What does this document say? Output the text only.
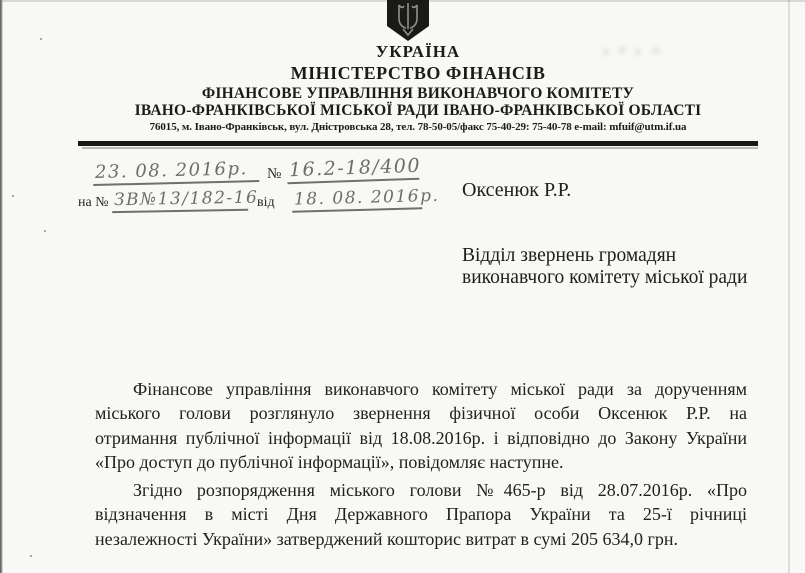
УКРАЇНА
МІНІСТЕРСТВО ФІНАНСІВ
ФІНАНСОВЕ УПРАВЛІННЯ ВИКОНАВЧОГО КОМІТЕТУ
ІВАНО-ФРАНКІВСЬКОЇ МІСЬКОЇ РАДИ ІВАНО-ФРАНКІВСЬКОЇ ОБЛАСТІ
76015, м. Івано-Франківськ, вул. Дністровська 28, тел. 78-50-05/факс 75-40-29: 75-40-78 e-mail: mfuif@utm.if.ua
23. 08. 2016р.	№ 16.2-18/400
на № ЗВ№13/182-16
від 18. 08. 2016р. Оксенюк Р.Р.
Відділ звернень громадян
виконавчого комітету міської ради
Фінансове управління виконавчого комітету міської ради за дорученням
міського голови розглянуло звернення фізичної особи Оксенюк Р.Р. на
отримання публічної інформації від 18.08.2016р. і відповідно до Закону України
«Про доступ до публічної інформації», повідомляє наступне.
Згідно розпорядження міського голови №465-р від 28.07.2016р. «Про
відзначення в місті Дня Державного Прапора України та 25-ї річниці
незалежності України» затверджений кошторис витрат в сумі 205 634,0 грн.
